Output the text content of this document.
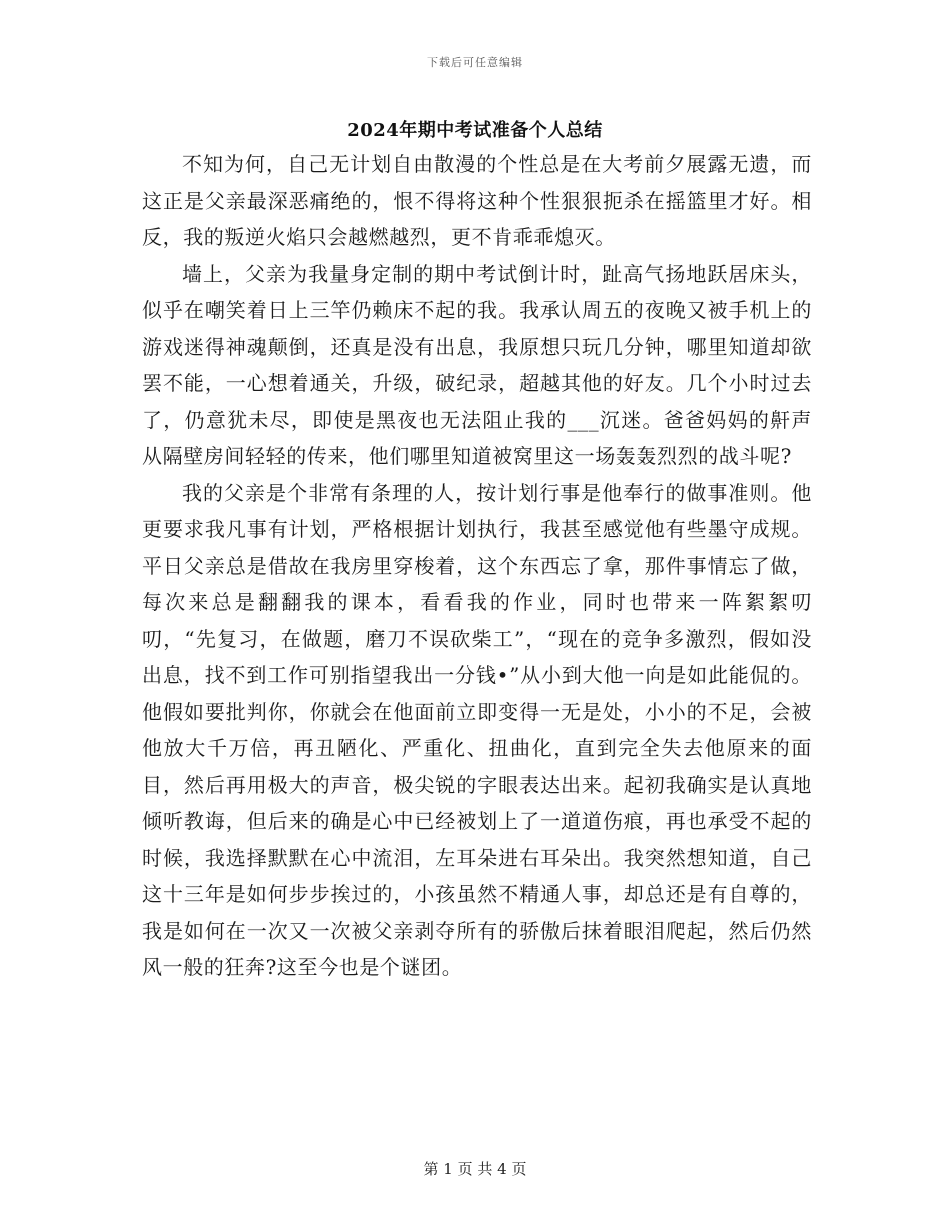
下载后可任意编辑
2024年期中考试准备个人总结

不知为何，自己无计划自由散漫的个性总是在大考前夕展露无遗，而这正是父亲最深恶痛绝的，恨不得将这种个性狠狠扼杀在摇篮里才好。相反，我的叛逆火焰只会越燃越烈，更不肯乖乖熄灭。

墙上，父亲为我量身定制的期中考试倒计时，趾高气扬地跃居床头，似乎在嘲笑着日上三竿仍赖床不起的我。我承认周五的夜晚又被手机上的游戏迷得神魂颠倒，还真是没有出息，我原想只玩几分钟，哪里知道却欲罢不能，一心想着通关，升级，破纪录，超越其他的好友。几个小时过去了，仍意犹未尽，即使是黑夜也无法阻止我的___沉迷。爸爸妈妈的鼾声从隔壁房间轻轻的传来，他们哪里知道被窝里这一场轰轰烈烈的战斗呢?

我的父亲是个非常有条理的人，按计划行事是他奉行的做事准则。他更要求我凡事有计划，严格根据计划执行，我甚至感觉他有些墨守成规。平日父亲总是借故在我房里穿梭着，这个东西忘了拿，那件事情忘了做，每次来总是翻翻我的课本，看看我的作业，同时也带来一阵絮絮叨叨，“先复习，在做题，磨刀不误砍柴工”，“现在的竞争多激烈，假如没出息，找不到工作可别指望我出一分钱•”从小到大他一向是如此能侃的。他假如要批判你，你就会在他面前立即变得一无是处，小小的不足，会被他放大千万倍，再丑陋化、严重化、扭曲化，直到完全失去他原来的面目，然后再用极大的声音，极尖锐的字眼表达出来。起初我确实是认真地倾听教诲，但后来的确是心中已经被划上了一道道伤痕，再也承受不起的时候，我选择默默在心中流泪，左耳朵进右耳朵出。我突然想知道，自己这十三年是如何步步挨过的，小孩虽然不精通人事，却总还是有自尊的，我是如何在一次又一次被父亲剥夺所有的骄傲后抹着眼泪爬起，然后仍然风一般的狂奔?这至今也是个谜团。

第 1 页 共 4 页
